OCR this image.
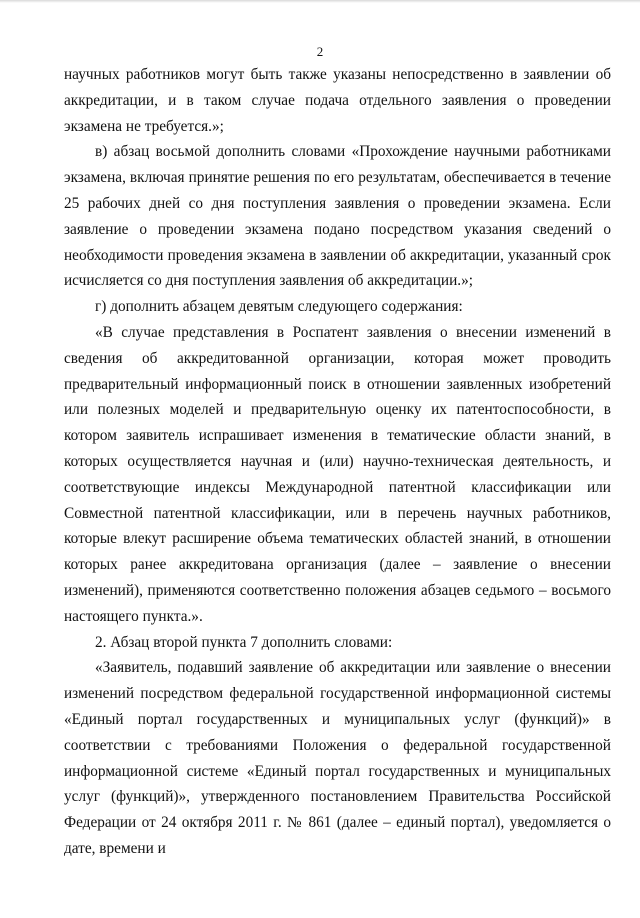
2

научных работников могут быть также указаны непосредственно в заявлении об аккредитации, и в таком случае подача отдельного заявления о проведении экзамена не требуется.»;

в) абзац восьмой дополнить словами «Прохождение научными работниками экзамена, включая принятие решения по его результатам, обеспечивается в течение 25 рабочих дней со дня поступления заявления о проведении экзамена. Если заявление о проведении экзамена подано посредством указания сведений о необходимости проведения экзамена в заявлении об аккредитации, указанный срок исчисляется со дня поступления заявления об аккредитации.»;

г) дополнить абзацем девятым следующего содержания:

«В случае представления в Роспатент заявления о внесении изменений в сведения об аккредитованной организации, которая может проводить предварительный информационный поиск в отношении заявленных изобретений или полезных моделей и предварительную оценку их патентоспособности, в котором заявитель испрашивает изменения в тематические области знаний, в которых осуществляется научная и (или) научно-техническая деятельность, и соответствующие индексы Международной патентной классификации или Совместной патентной классификации, или в перечень научных работников, которые влекут расширение объема тематических областей знаний, в отношении которых ранее аккредитована организация (далее – заявление о внесении изменений), применяются соответственно положения абзацев седьмого – восьмого настоящего пункта.».

2. Абзац второй пункта 7 дополнить словами:

«Заявитель, подавший заявление об аккредитации или заявление о внесении изменений посредством федеральной государственной информационной системы «Единый портал государственных и муниципальных услуг (функций)» в соответствии с требованиями Положения о федеральной государственной информационной системе «Единый портал государственных и муниципальных услуг (функций)», утвержденного постановлением Правительства Российской Федерации от 24 октября 2011 г. № 861 (далее – единый портал), уведомляется о дате, времени и
